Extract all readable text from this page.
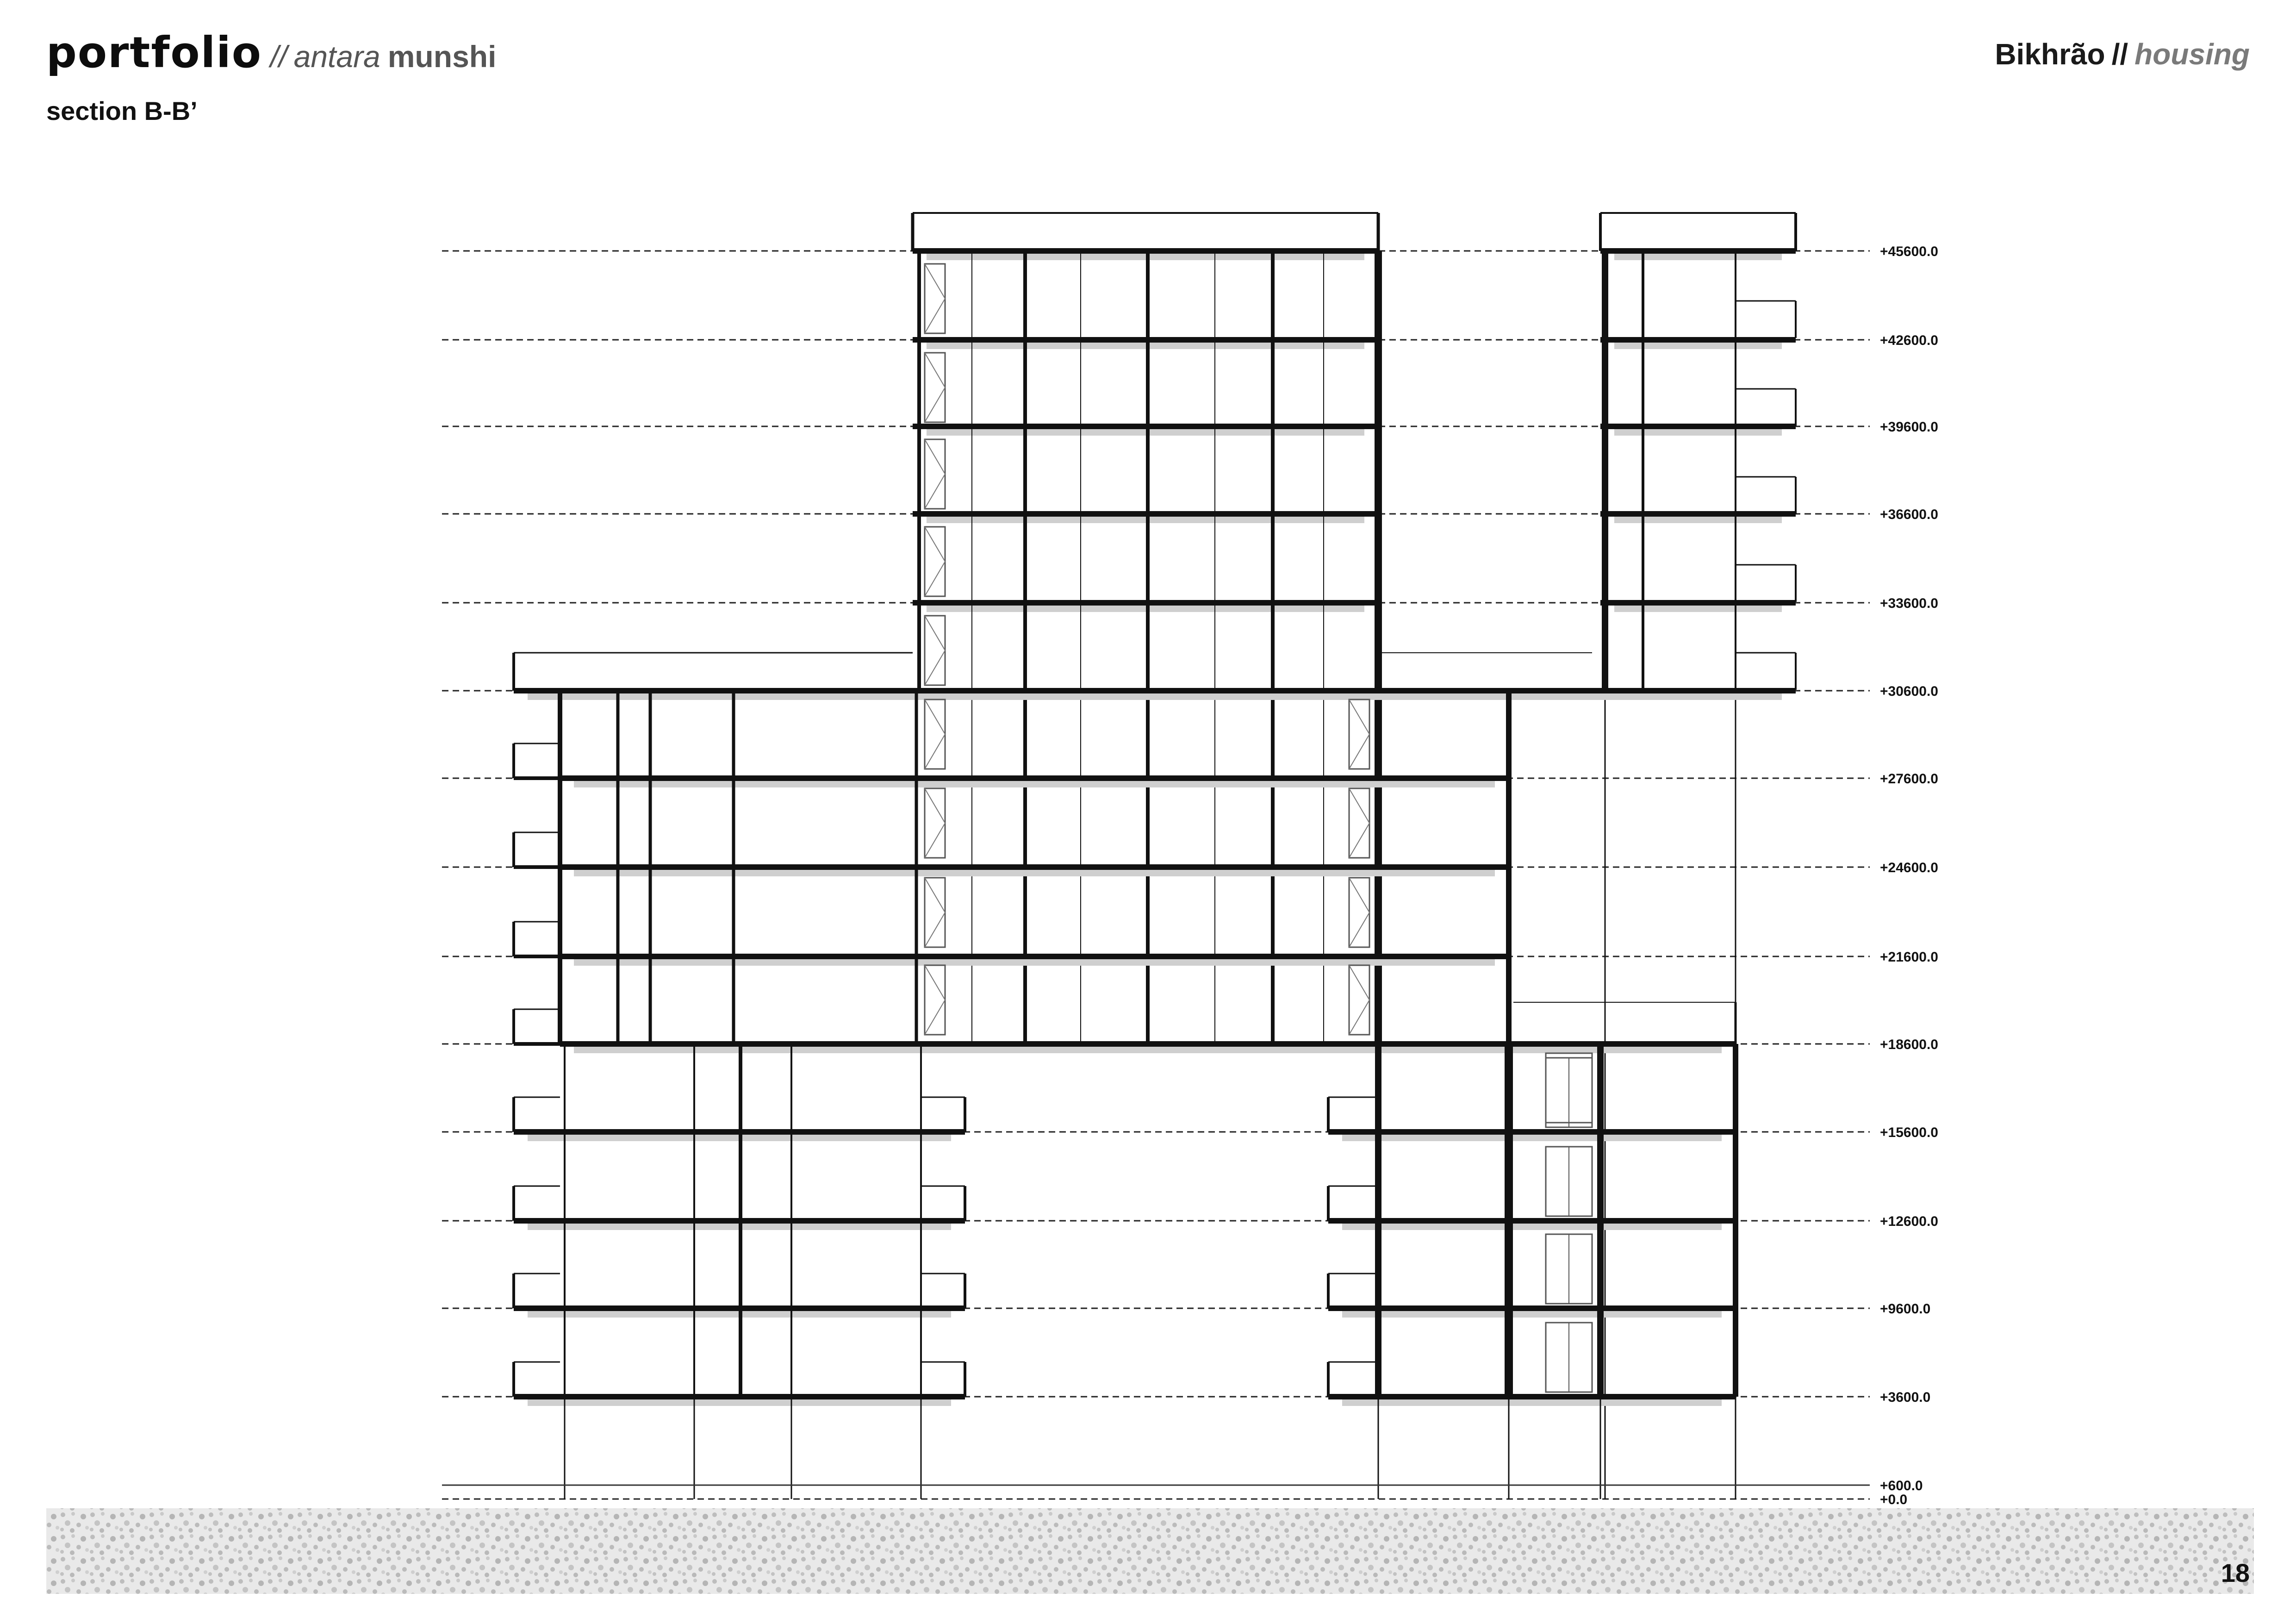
portfolio // antara munshi
section B-B’
Bikhrão // housing
+45600.0
+42600.0
+39600.0
+36600.0
+33600.0
+30600.0
+27600.0
+24600.0
+21600.0
+18600.0
+15600.0
+12600.0
+9600.0
+3600.0
+600.0
+0.0
18
